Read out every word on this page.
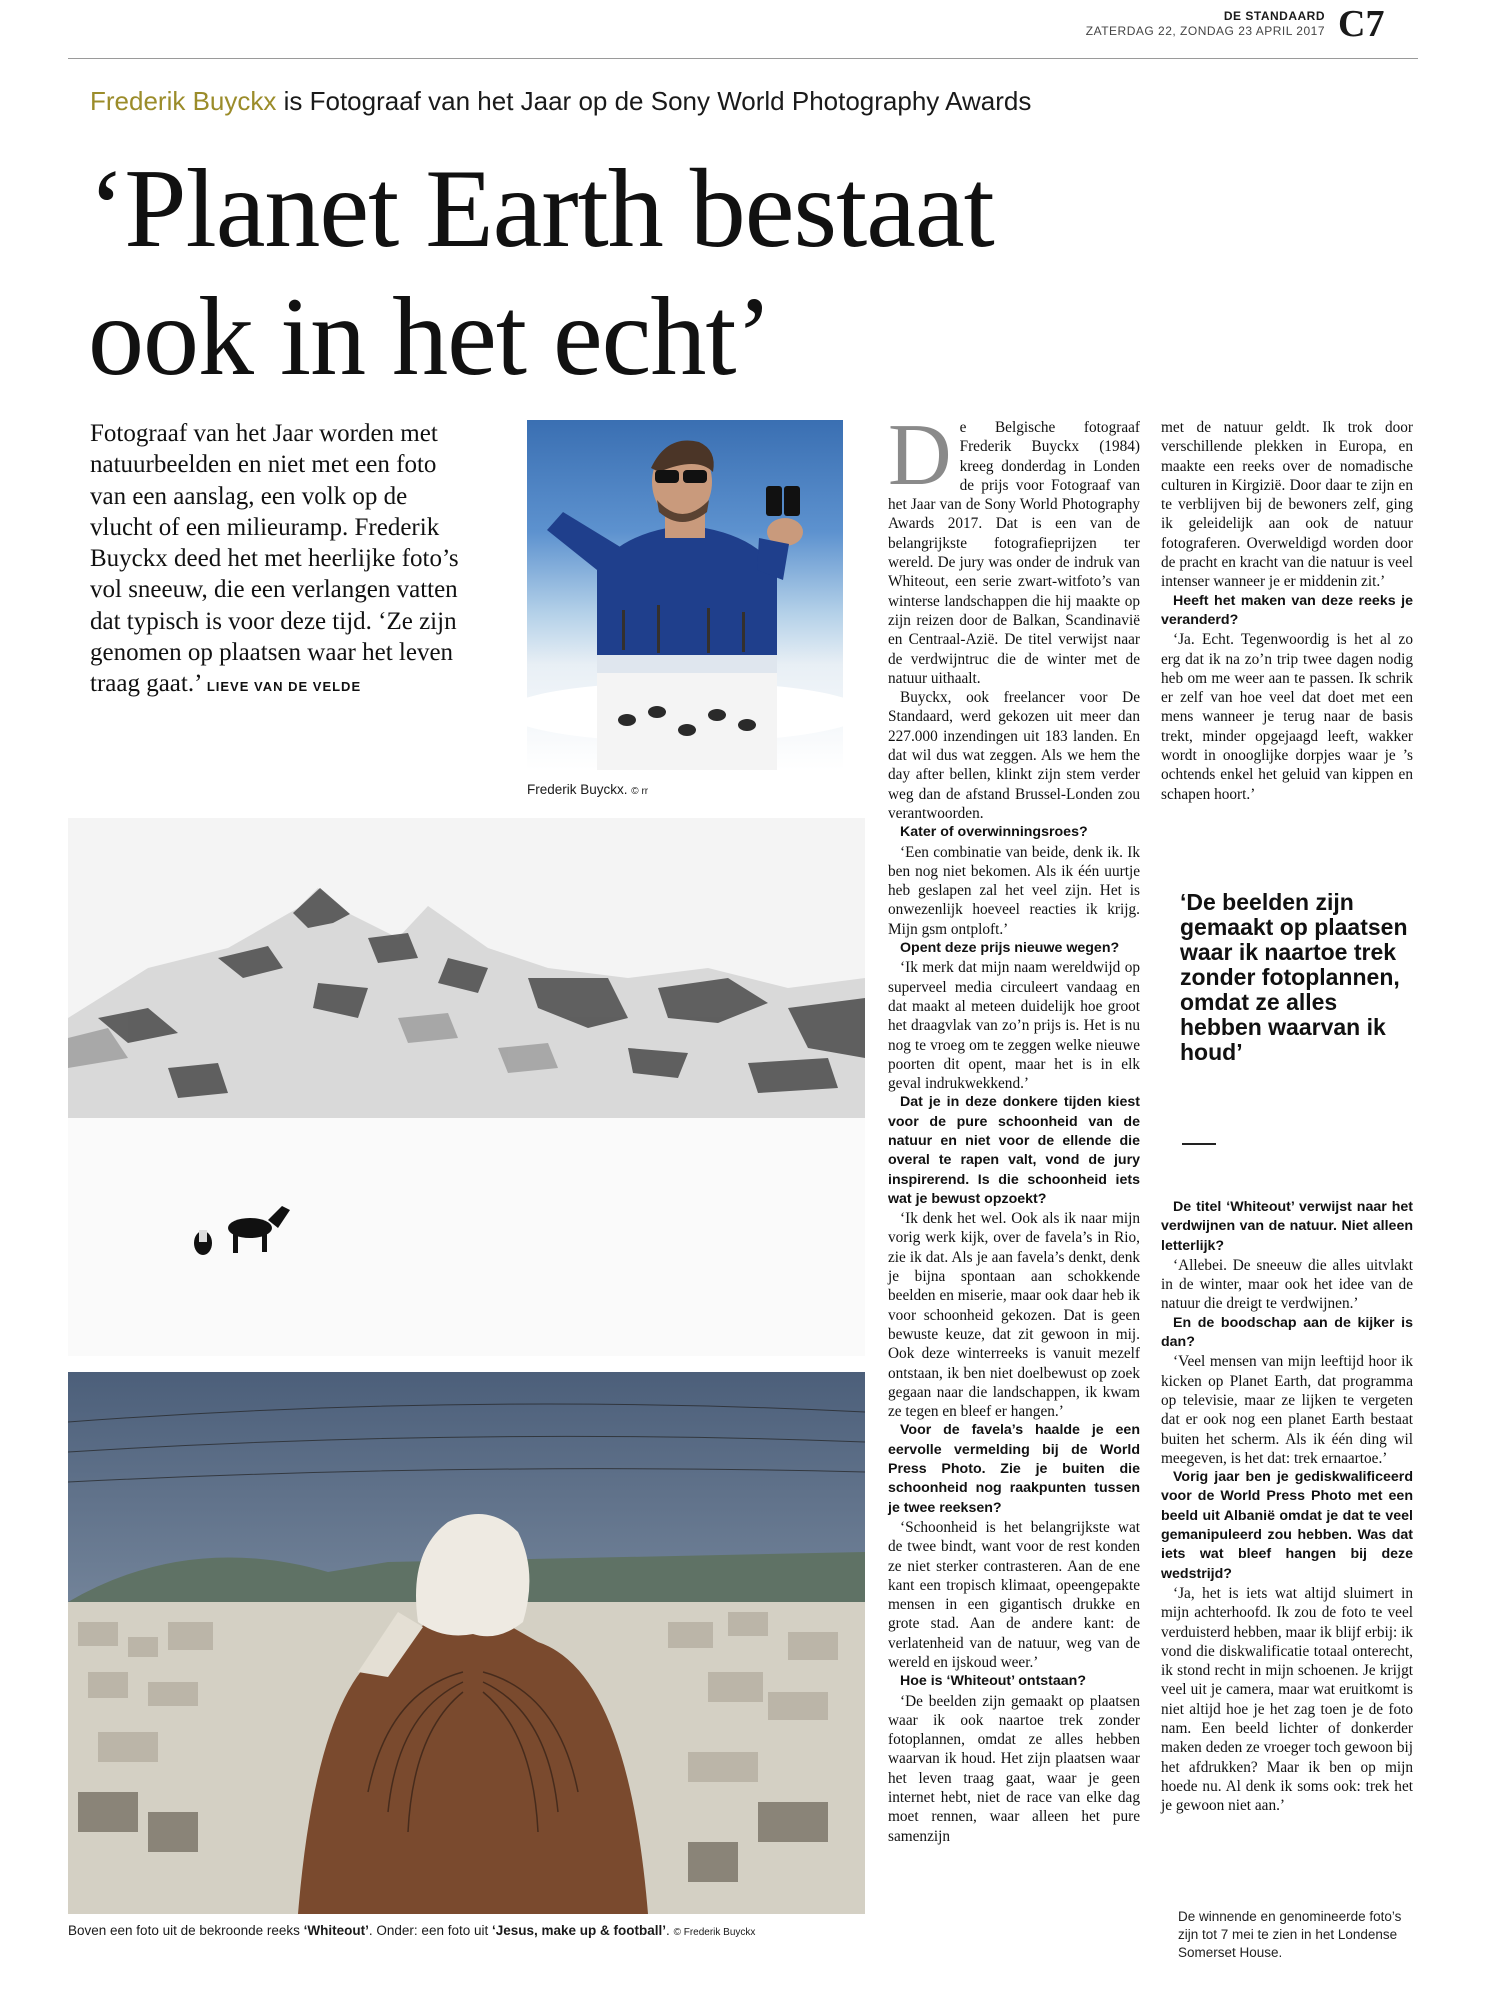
DE STANDAARD
ZATERDAG 22, ZONDAG 23 APRIL 2017 C7
Frederik Buyckx is Fotograaf van het Jaar op de Sony World Photography Awards
‘Planet Earth bestaat
ook in het echt’
Fotograaf van het Jaar worden met natuurbeelden en niet met een foto van een aanslag, een volk op de vlucht of een milieuramp. Frederik Buyckx deed het met heerlijke foto’s vol sneeuw, die een verlangen vatten dat typisch is voor deze tijd. ‘Ze zijn genomen op plaatsen waar het leven traag gaat.’ LIEVE VAN DE VELDE
Frederik Buyckx. © rr
Boven een foto uit de bekroonde reeks ‘Whiteout’. Onder: een foto uit ‘Jesus, make up & football’. © Frederik Buyckx

De Belgische fotograaf Frederik Buyckx (1984) kreeg donderdag in Londen de prijs voor Fotograaf van het Jaar van de Sony World Photography Awards 2017. Dat is een van de belangrijkste fotografieprijzen ter wereld. De jury was onder de indruk van Whiteout, een serie zwart-witfoto’s van winterse landschappen die hij maakte op zijn reizen door de Balkan, Scandinavië en Centraal-Azië. De titel verwijst naar de verdwijntruc die de winter met de natuur uithaalt.

Buyckx, ook freelancer voor De Standaard, werd gekozen uit meer dan 227.000 inzendingen uit 183 landen. En dat wil dus wat zeggen. Als we hem the day after bellen, klinkt zijn stem verder weg dan de afstand Brussel-Londen zou verantwoorden.

Kater of overwinningsroes?

‘Een combinatie van beide, denk ik. Ik ben nog niet bekomen. Als ik één uurtje heb geslapen zal het veel zijn. Het is onwezenlijk hoeveel reacties ik krijg. Mijn gsm ontploft.’

Opent deze prijs nieuwe wegen?

‘Ik merk dat mijn naam wereldwijd op superveel media circuleert vandaag en dat maakt al meteen duidelijk hoe groot het draagvlak van zo’n prijs is. Het is nu nog te vroeg om te zeggen welke nieuwe poorten dit opent, maar het is in elk geval indrukwekkend.’

Dat je in deze donkere tijden kiest voor de pure schoonheid van de natuur en niet voor de ellende die overal te rapen valt, vond de jury inspirerend. Is die schoonheid iets wat je bewust opzoekt?

‘Ik denk het wel. Ook als ik naar mijn vorig werk kijk, over de favela’s in Rio, zie ik dat. Als je aan favela’s denkt, denk je bijna spontaan aan schokkende beelden en miserie, maar ook daar heb ik voor schoonheid gekozen. Dat is geen bewuste keuze, dat zit gewoon in mij. Ook deze winterreeks is vanuit mezelf ontstaan, ik ben niet doelbewust op zoek gegaan naar die landschappen, ik kwam ze tegen en bleef er hangen.’

Voor de favela’s haalde je een eervolle vermelding bij de World Press Photo. Zie je buiten die schoonheid nog raakpunten tussen je twee reeksen?

‘Schoonheid is het belangrijkste wat de twee bindt, want voor de rest konden ze niet sterker contrasteren. Aan de ene kant een tropisch klimaat, opeengepakte mensen in een gigantisch drukke en grote stad. Aan de andere kant: de verlatenheid van de natuur, weg van de wereld en ijskoud weer.’

Hoe is ‘Whiteout’ ontstaan?

‘De beelden zijn gemaakt op plaatsen waar ik ook naartoe trek zonder fotoplannen, omdat ze alles hebben waarvan ik houd. Het zijn plaatsen waar het leven traag gaat, waar je geen internet hebt, niet de race van elke dag moet rennen, waar alleen het pure samenzijn

met de natuur geldt. Ik trok door verschillende plekken in Europa, en maakte een reeks over de nomadische culturen in Kirgizië. Door daar te zijn en te verblijven bij de bewoners zelf, ging ik geleidelijk aan ook de natuur fotograferen. Overweldigd worden door de pracht en kracht van die natuur is veel intenser wanneer je er middenin zit.’

Heeft het maken van deze reeks je veranderd?

‘Ja. Echt. Tegenwoordig is het al zo erg dat ik na zo’n trip twee dagen nodig heb om me weer aan te passen. Ik schrik er zelf van hoe veel dat doet met een mens wanneer je terug naar de basis trekt, minder opgejaagd leeft, wakker wordt in onooglijke dorpjes waar je ’s ochtends enkel het geluid van kippen en schapen hoort.’

‘De beelden zijn gemaakt op plaatsen waar ik naartoe trek zonder fotoplannen, omdat ze alles hebben waarvan ik houd’
De titel ‘Whiteout’ verwijst naar het verdwijnen van de natuur. Niet alleen letterlijk?

‘Allebei. De sneeuw die alles uitvlakt in de winter, maar ook het idee van de natuur die dreigt te verdwijnen.’

En de boodschap aan de kijker is dan?

‘Veel mensen van mijn leeftijd hoor ik kicken op Planet Earth, dat programma op televisie, maar ze lijken te vergeten dat er ook nog een planet Earth bestaat buiten het scherm. Als ik één ding wil meegeven, is het dat: trek ernaartoe.’

Vorig jaar ben je gediskwalificeerd voor de World Press Photo met een beeld uit Albanië omdat je dat te veel gemanipuleerd zou hebben. Was dat iets wat bleef hangen bij deze wedstrijd?

‘Ja, het is iets wat altijd sluimert in mijn achterhoofd. Ik zou de foto te veel verduisterd hebben, maar ik blijf erbij: ik vond die diskwalificatie totaal onterecht, ik stond recht in mijn schoenen. Je krijgt veel uit je camera, maar wat eruitkomt is niet altijd hoe je het zag toen je de foto nam. Een beeld lichter of donkerder maken deden ze vroeger toch gewoon bij het afdrukken? Maar ik ben op mijn hoede nu. Al denk ik soms ook: trek het je gewoon niet aan.’

De winnende en genomineerde foto’s zijn tot 7 mei te zien in het Londense Somerset House.
